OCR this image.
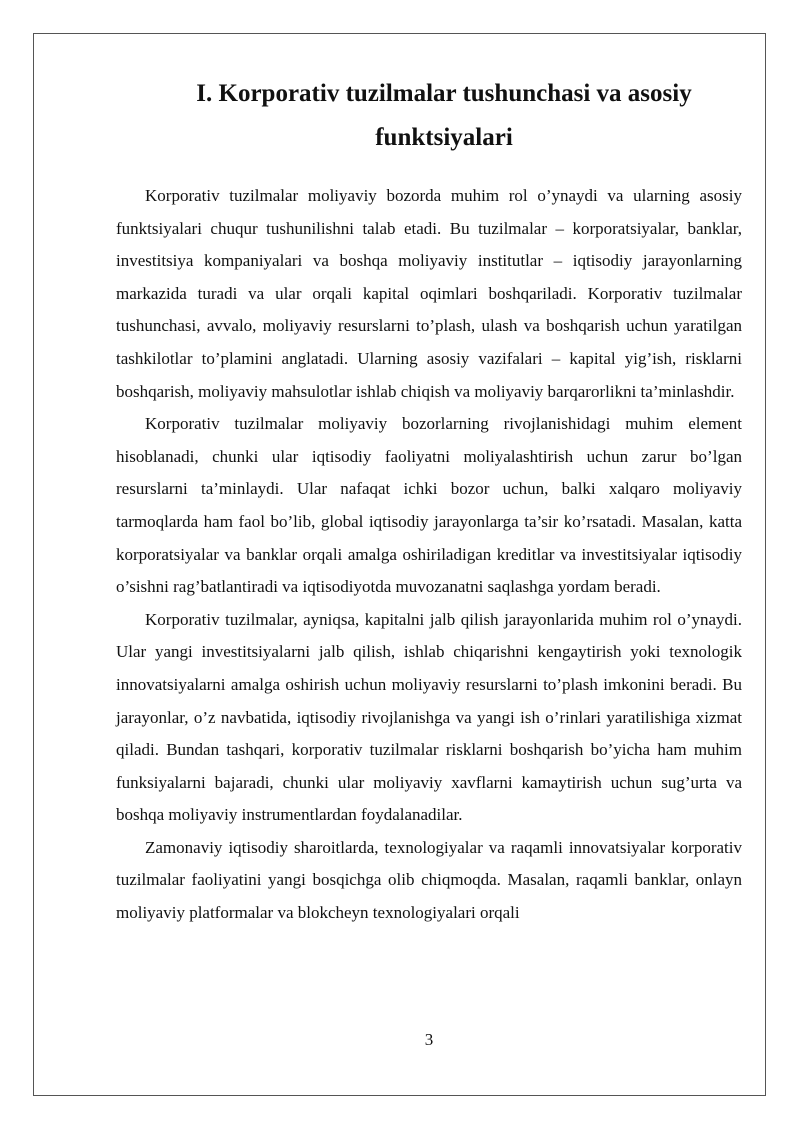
I. Korporativ tuzilmalar tushunchasi va asosiy funktsiyalari

Korporativ tuzilmalar moliyaviy bozorda muhim rol o’ynaydi va ularning asosiy funktsiyalari chuqur tushunilishni talab etadi. Bu tuzilmalar – korporatsiyalar, banklar, investitsiya kompaniyalari va boshqa moliyaviy institutlar – iqtisodiy jarayonlarning markazida turadi va ular orqali kapital oqimlari boshqariladi. Korporativ tuzilmalar tushunchasi, avvalo, moliyaviy resurslarni to’plash, ulash va boshqarish uchun yaratilgan tashkilotlar to’plamini anglatadi. Ularning asosiy vazifalari – kapital yig’ish, risklarni boshqarish, moliyaviy mahsulotlar ishlab chiqish va moliyaviy barqarorlikni ta’minlashdir.

Korporativ tuzilmalar moliyaviy bozorlarning rivojlanishidagi muhim element hisoblanadi, chunki ular iqtisodiy faoliyatni moliyalashtirish uchun zarur bo’lgan resurslarni ta’minlaydi. Ular nafaqat ichki bozor uchun, balki xalqaro moliyaviy tarmoqlarda ham faol bo’lib, global iqtisodiy jarayonlarga ta’sir ko’rsatadi. Masalan, katta korporatsiyalar va banklar orqali amalga oshiriladigan kreditlar va investitsiyalar iqtisodiy o’sishni rag’batlantiradi va iqtisodiyotda muvozanatni saqlashga yordam beradi.

Korporativ tuzilmalar, ayniqsa, kapitalni jalb qilish jarayonlarida muhim rol o’ynaydi. Ular yangi investitsiyalarni jalb qilish, ishlab chiqarishni kengaytirish yoki texnologik innovatsiyalarni amalga oshirish uchun moliyaviy resurslarni to’plash imkonini beradi. Bu jarayonlar, o’z navbatida, iqtisodiy rivojlanishga va yangi ish o’rinlari yaratilishiga xizmat qiladi. Bundan tashqari, korporativ tuzilmalar risklarni boshqarish bo’yicha ham muhim funksiyalarni bajaradi, chunki ular moliyaviy xavflarni kamaytirish uchun sug’urta va boshqa moliyaviy instrumentlardan foydalanadilar.

Zamonaviy iqtisodiy sharoitlarda, texnologiyalar va raqamli innovatsiyalar korporativ tuzilmalar faoliyatini yangi bosqichga olib chiqmoqda. Masalan, raqamli banklar, onlayn moliyaviy platformalar va blokcheyn texnologiyalari orqali

3
